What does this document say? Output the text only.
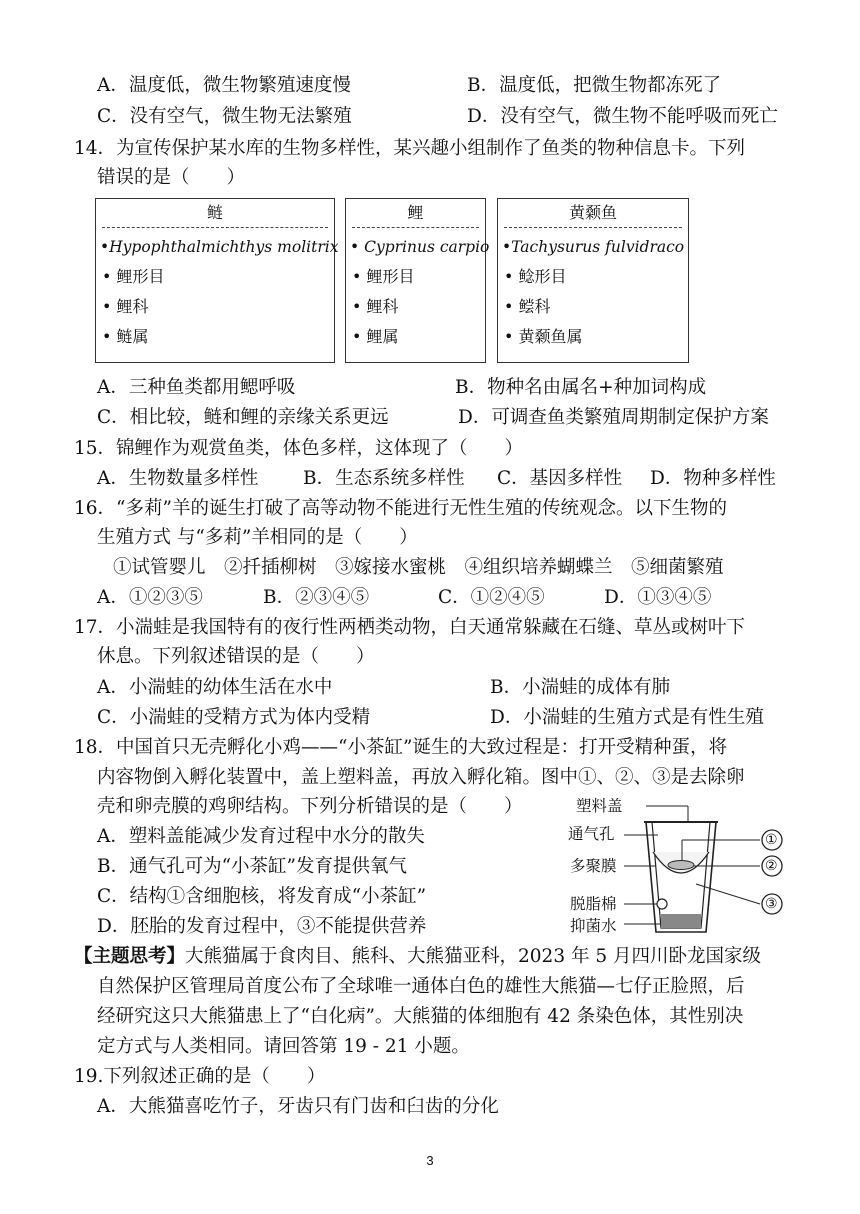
A．温度低，微生物繁殖速度慢	B．温度低，把微生物都冻死了
C．没有空气，微生物无法繁殖	D．没有空气，微生物不能呼吸而死亡
14．为宣传保护某水库的生物多样性，某兴趣小组制作了鱼类的物种信息卡。下列
错误的是（　　）
鲢
•Hypophthalmichthys molitrix
• 鲤形目
• 鲤科
• 鲢属
鲤
• Cyprinus carpio
• 鲤形目
• 鲤科
• 鲤属
黄颡鱼
•Tachysurus fulvidraco
• 鲶形目
• 鲿科
• 黄颡鱼属
A．三种鱼类都用鳃呼吸	B．物种名由属名+种加词构成
C．相比较，鲢和鲤的亲缘关系更远	D．可调查鱼类繁殖周期制定保护方案
15．锦鲤作为观赏鱼类，体色多样，这体现了（　　）
A．生物数量多样性 B．生态系统多样性 C．基因多样性 D．物种多样性
16．“多莉”羊的诞生打破了高等动物不能进行无性生殖的传统观念。以下生物的
生殖方式 与“多莉”羊相同的是（　　）
①试管婴儿　②扦插柳树　③嫁接水蜜桃　④组织培养蝴蝶兰　⑤细菌繁殖
A．①②③⑤	B．②③④⑤	C．①②④⑤	D．①③④⑤
17．小湍蛙是我国特有的夜行性两栖类动物，白天通常躲藏在石缝、草丛或树叶下
休息。下列叙述错误的是（　　）
A．小湍蛙的幼体生活在水中	B．小湍蛙的成体有肺
C．小湍蛙的受精方式为体内受精	D．小湍蛙的生殖方式是有性生殖
18．中国首只无壳孵化小鸡——“小茶缸”诞生的大致过程是：打开受精种蛋，将
内容物倒入孵化装置中，盖上塑料盖，再放入孵化箱。图中①、②、③是去除卵
壳和卵壳膜的鸡卵结构。下列分析错误的是（　　）
A．塑料盖能减少发育过程中水分的散失
B．通气孔可为“小茶缸”发育提供氧气
C．结构①含细胞核，将发育成“小茶缸”
D．胚胎的发育过程中，③不能提供营养
塑料盖
通气孔
多聚膜
脱脂棉
抑菌水
①
②
③
【主题思考】大熊猫属于食肉目、熊科、大熊猫亚科，2023 年 5 月四川卧龙国家级
自然保护区管理局首度公布了全球唯一通体白色的雄性大熊猫—七仔正脸照，后
经研究这只大熊猫患上了“白化病”。大熊猫的体细胞有 42 条染色体，其性别决
定方式与人类相同。请回答第 19 - 21 小题。
19.下列叙述正确的是（　　）
A．大熊猫喜吃竹子，牙齿只有门齿和臼齿的分化
3
